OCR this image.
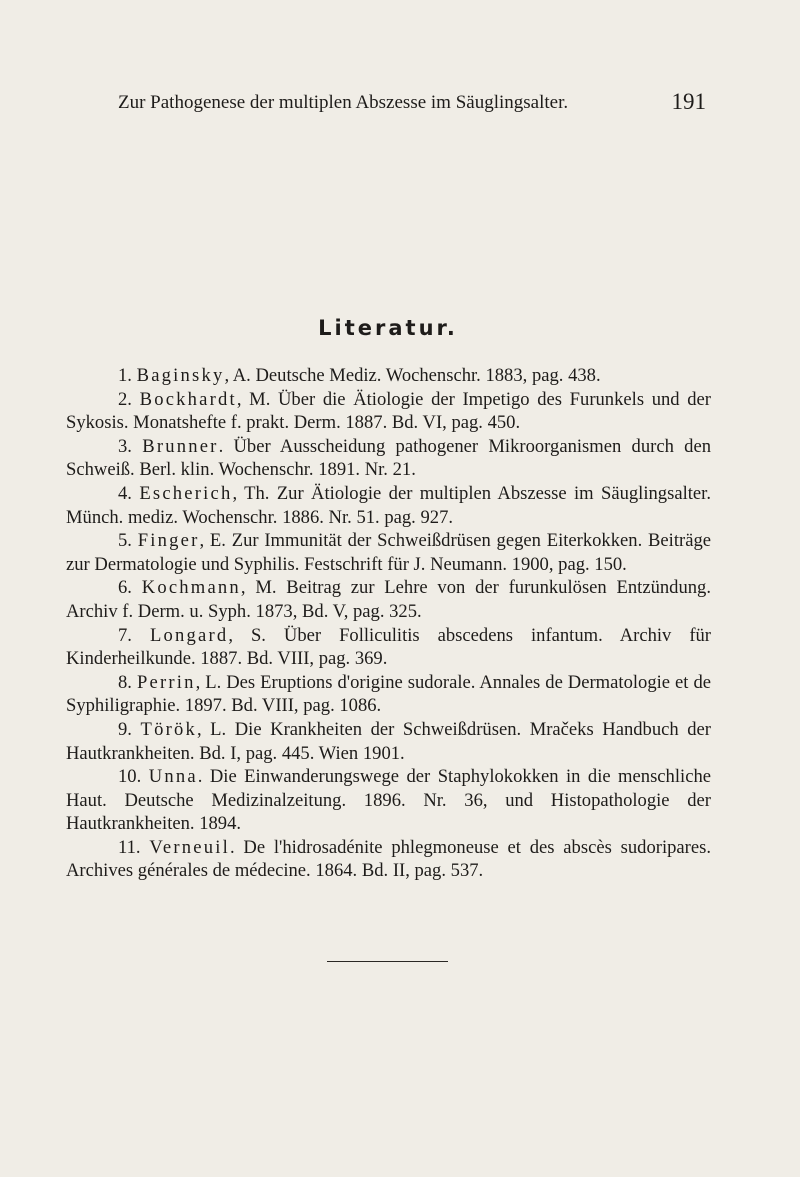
Zur Pathogenese der multiplen Abszesse im Säuglingsalter.	191
Literatur.

1. Baginsky, A. Deutsche Mediz. Wochenschr. 1883, pag. 438.

2. Bockhardt, M. Über die Ätiologie der Impetigo des Furunkels und der Sykosis. Monatshefte f. prakt. Derm. 1887. Bd. VI, pag. 450.

3. Brunner. Über Ausscheidung pathogener Mikroorganismen durch den Schweiß. Berl. klin. Wochenschr. 1891. Nr. 21.

4. Escherich, Th. Zur Ätiologie der multiplen Abszesse im Säuglingsalter. Münch. mediz. Wochenschr. 1886. Nr. 51. pag. 927.

5. Finger, E. Zur Immunität der Schweißdrüsen gegen Eiterkokken. Beiträge zur Dermatologie und Syphilis. Festschrift für J. Neumann. 1900, pag. 150.

6. Kochmann, M. Beitrag zur Lehre von der furunkulösen Entzündung. Archiv f. Derm. u. Syph. 1873, Bd. V, pag. 325.

7. Longard, S. Über Folliculitis abscedens infantum. Archiv für Kinderheilkunde. 1887. Bd. VIII, pag. 369.

8. Perrin, L. Des Eruptions d'origine sudorale. Annales de Dermatologie et de Syphiligraphie. 1897. Bd. VIII, pag. 1086.

9. Török, L. Die Krankheiten der Schweißdrüsen. Mračeks Handbuch der Hautkrankheiten. Bd. I, pag. 445. Wien 1901.

10. Unna. Die Einwanderungswege der Staphylokokken in die menschliche Haut. Deutsche Medizinalzeitung. 1896. Nr. 36, und Histopathologie der Hautkrankheiten. 1894.

11. Verneuil. De l'hidrosadénite phlegmoneuse et des abscès sudoripares. Archives générales de médecine. 1864. Bd. II, pag. 537.
